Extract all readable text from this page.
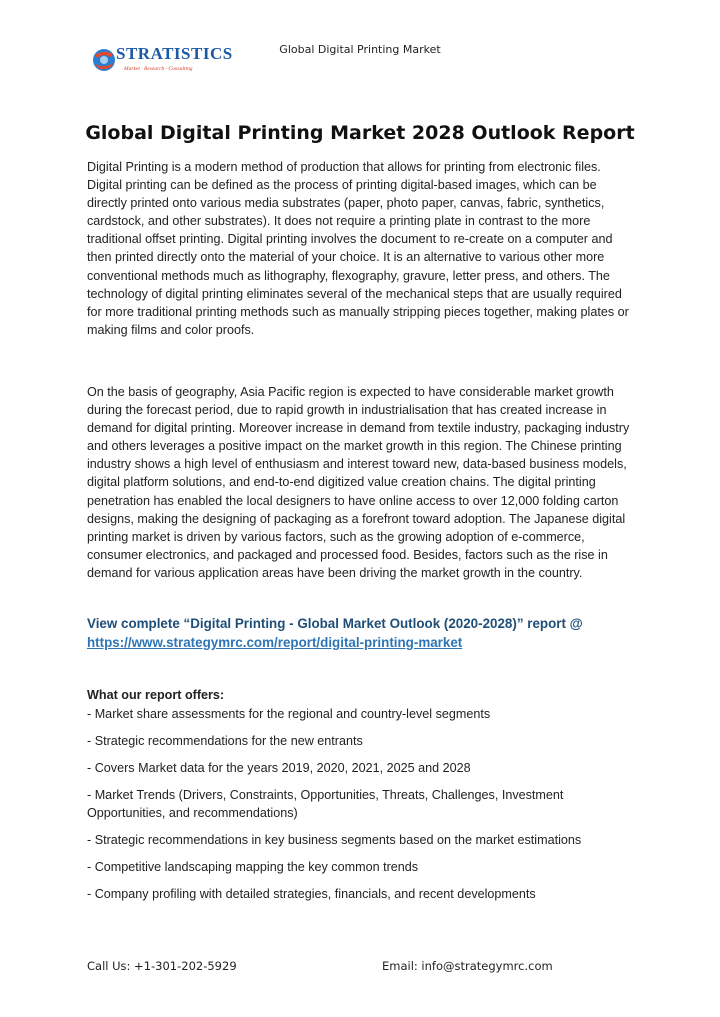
STRATISTICS
Market · Research · Consulting
Global Digital Printing Market
Global Digital Printing Market 2028 Outlook Report

Digital Printing is a modern method of production that allows for printing from electronic files. Digital printing can be defined as the process of printing digital-based images, which can be directly printed onto various media substrates (paper, photo paper, canvas, fabric, synthetics, cardstock, and other substrates). It does not require a printing plate in contrast to the more traditional offset printing. Digital printing involves the document to re-create on a computer and then printed directly onto the material of your choice. It is an alternative to various other more conventional methods much as lithography, flexography, gravure, letter press, and others. The technology of digital printing eliminates several of the mechanical steps that are usually required for more traditional printing methods such as manually stripping pieces together, making plates or making films and color proofs.

On the basis of geography, Asia Pacific region is expected to have considerable market growth during the forecast period, due to rapid growth in industrialisation that has created increase in demand for digital printing. Moreover increase in demand from textile industry, packaging industry and others leverages a positive impact on the market growth in this region. The Chinese printing industry shows a high level of enthusiasm and interest toward new, data-based business models, digital platform solutions, and end-to-end digitized value creation chains. The digital printing penetration has enabled the local designers to have online access to over 12,000 folding carton designs, making the designing of packaging as a forefront toward adoption. The Japanese digital printing market is driven by various factors, such as the growing adoption of e-commerce, consumer electronics, and packaged and processed food. Besides, factors such as the rise in demand for various application areas have been driving the market growth in the country.

View complete “Digital Printing - Global Market Outlook (2020-2028)” report @
https://www.strategymrc.com/report/digital-printing-market
What our report offers:
- Market share assessments for the regional and country-level segments
- Strategic recommendations for the new entrants
- Covers Market data for the years 2019, 2020, 2021, 2025 and 2028
- Market Trends (Drivers, Constraints, Opportunities, Threats, Challenges, Investment Opportunities, and recommendations)
- Strategic recommendations in key business segments based on the market estimations
- Competitive landscaping mapping the key common trends
- Company profiling with detailed strategies, financials, and recent developments
Call Us: +1-301-202-5929	Email: info@strategymrc.com
